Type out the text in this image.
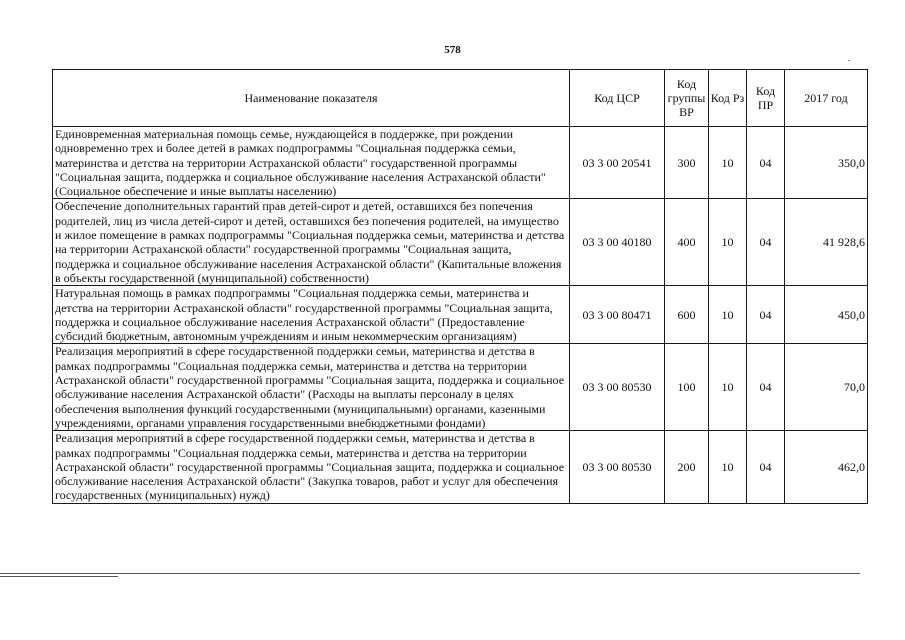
578
Наименование показателя	Код ЦСР	Код группы ВР	Код Рз	Код ПР	2017 год
Единовременная материальная помощь семье, нуждающейся в поддержке, при рождении одновременно трех и более детей в рамках подпрограммы "Социальная поддержка семьи, материнства и детства на территории Астраханской области" государственной программы "Социальная защита, поддержка и социальное обслуживание населения Астраханской области" (Социальное обеспечение и иные выплаты населению)	03 3 00 20541	300	10	04	350,0
Обеспечение дополнительных гарантий прав детей-сирот и детей, оставшихся без попечения родителей, лиц из числа детей-сирот и детей, оставшихся без попечения родителей, на имущество и жилое помещение в рамках подпрограммы "Социальная поддержка семьи, материнства и детства на территории Астраханской области" государственной программы "Социальная защита, поддержка и социальное обслуживание населения Астраханской области" (Капитальные вложения в объекты государственной (муниципальной) собственности)	03 3 00 40180	400	10	04	41 928,6
Натуральная помощь в рамках подпрограммы "Социальная поддержка семьи, материнства и детства на территории Астраханской области" государственной программы "Социальная защита, поддержка и социальное обслуживание населения Астраханской области" (Предоставление субсидий бюджетным, автономным учреждениям и иным некоммерческим организациям)	03 3 00 80471	600	10	04	450,0
Реализация мероприятий в сфере государственной поддержки семьи, материнства и детства в рамках подпрограммы "Социальная поддержка семьи, материнства и детства на территории Астраханской области" государственной программы "Социальная защита, поддержка и социальное обслуживание населения Астраханской области" (Расходы на выплаты персоналу в целях обеспечения выполнения функций государственными (муниципальными) органами, казенными учреждениями, органами управления государственными внебюджетными фондами)	03 3 00 80530	100	10	04	70,0
Реализация мероприятий в сфере государственной поддержки семьи, материнства и детства в рамках подпрограммы "Социальная поддержка семьи, материнства и детства на территории Астраханской области" государственной программы "Социальная защита, поддержка и социальное обслуживание населения Астраханской области" (Закупка товаров, работ и услуг для обеспечения государственных (муниципальных) нужд)	03 3 00 80530	200	10	04	462,0
